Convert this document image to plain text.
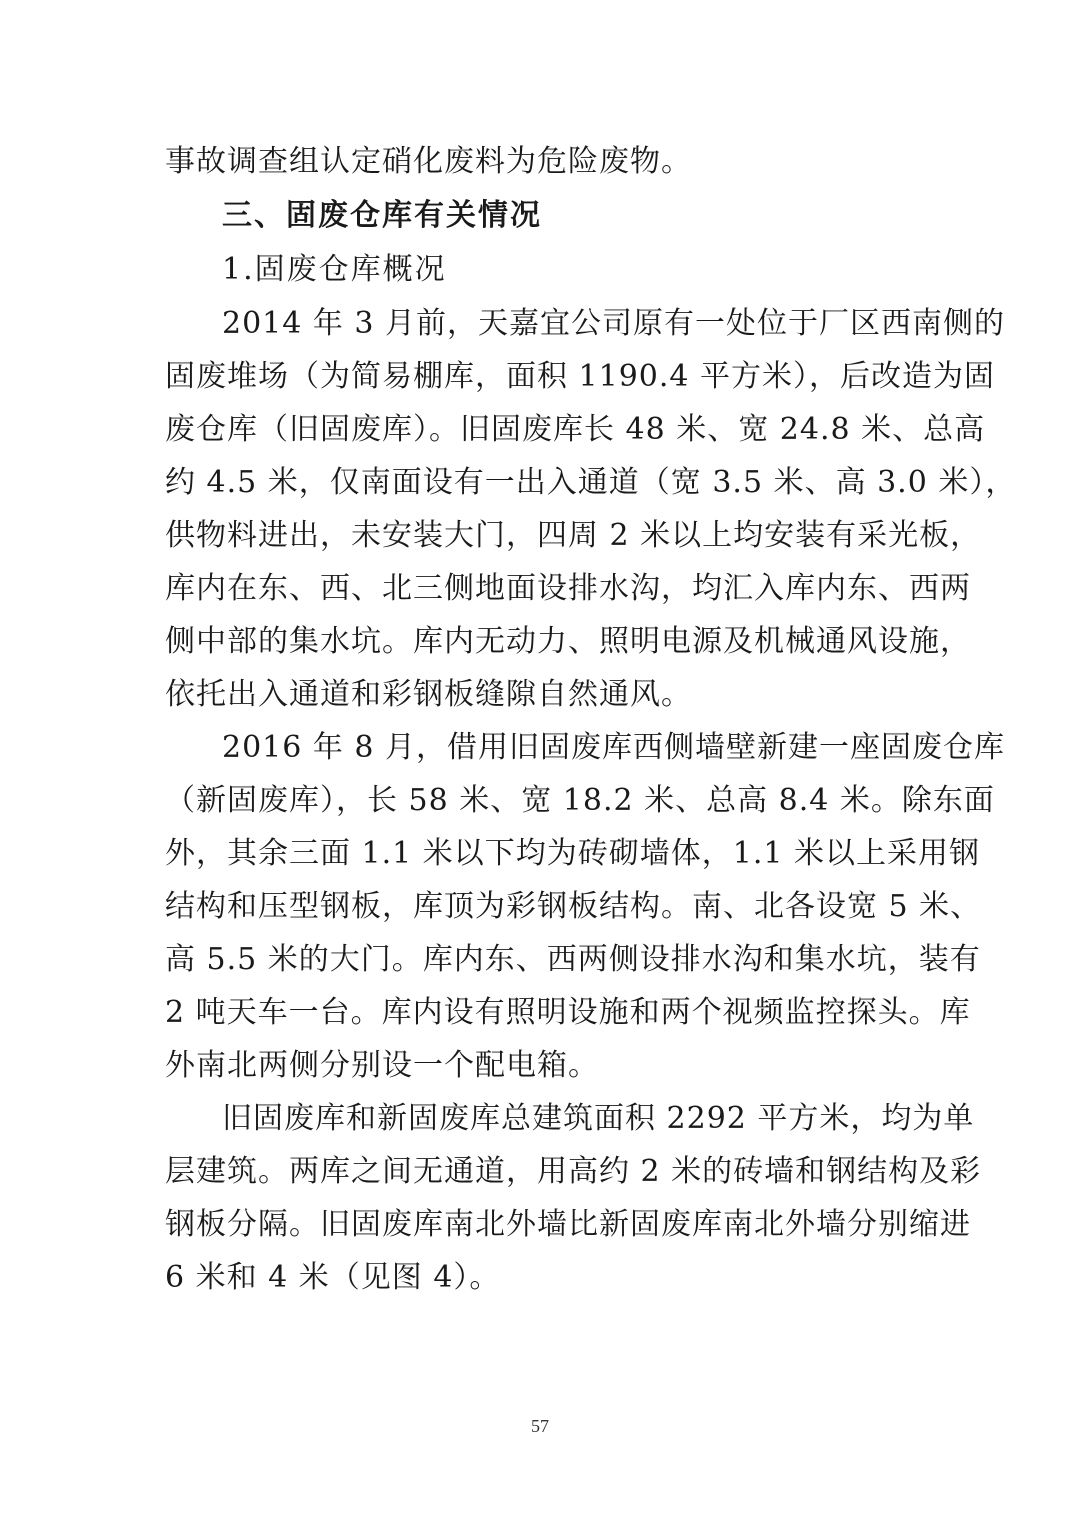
事故调查组认定硝化废料为危险废物。
三、固废仓库有关情况
1.固废仓库概况
2014 年 3 月前，天嘉宜公司原有一处位于厂区西南侧的
固废堆场（为简易棚库，面积 1190.4 平方米），后改造为固
废仓库（旧固废库）。旧固废库长 48 米、宽 24.8 米、总高
约 4.5 米，仅南面设有一出入通道（宽 3.5 米、高 3.0 米），
供物料进出，未安装大门，四周 2 米以上均安装有采光板，
库内在东、西、北三侧地面设排水沟，均汇入库内东、西两
侧中部的集水坑。库内无动力、照明电源及机械通风设施，
依托出入通道和彩钢板缝隙自然通风。
2016 年 8 月，借用旧固废库西侧墙壁新建一座固废仓库
（新固废库），长 58 米、宽 18.2 米、总高 8.4 米。除东面
外，其余三面 1.1 米以下均为砖砌墙体，1.1 米以上采用钢
结构和压型钢板，库顶为彩钢板结构。南、北各设宽 5 米、
高 5.5 米的大门。库内东、西两侧设排水沟和集水坑，装有
2 吨天车一台。库内设有照明设施和两个视频监控探头。库
外南北两侧分别设一个配电箱。
旧固废库和新固废库总建筑面积 2292 平方米，均为单
层建筑。两库之间无通道，用高约 2 米的砖墙和钢结构及彩
钢板分隔。旧固废库南北外墙比新固废库南北外墙分别缩进
6 米和 4 米（见图 4）。
57
